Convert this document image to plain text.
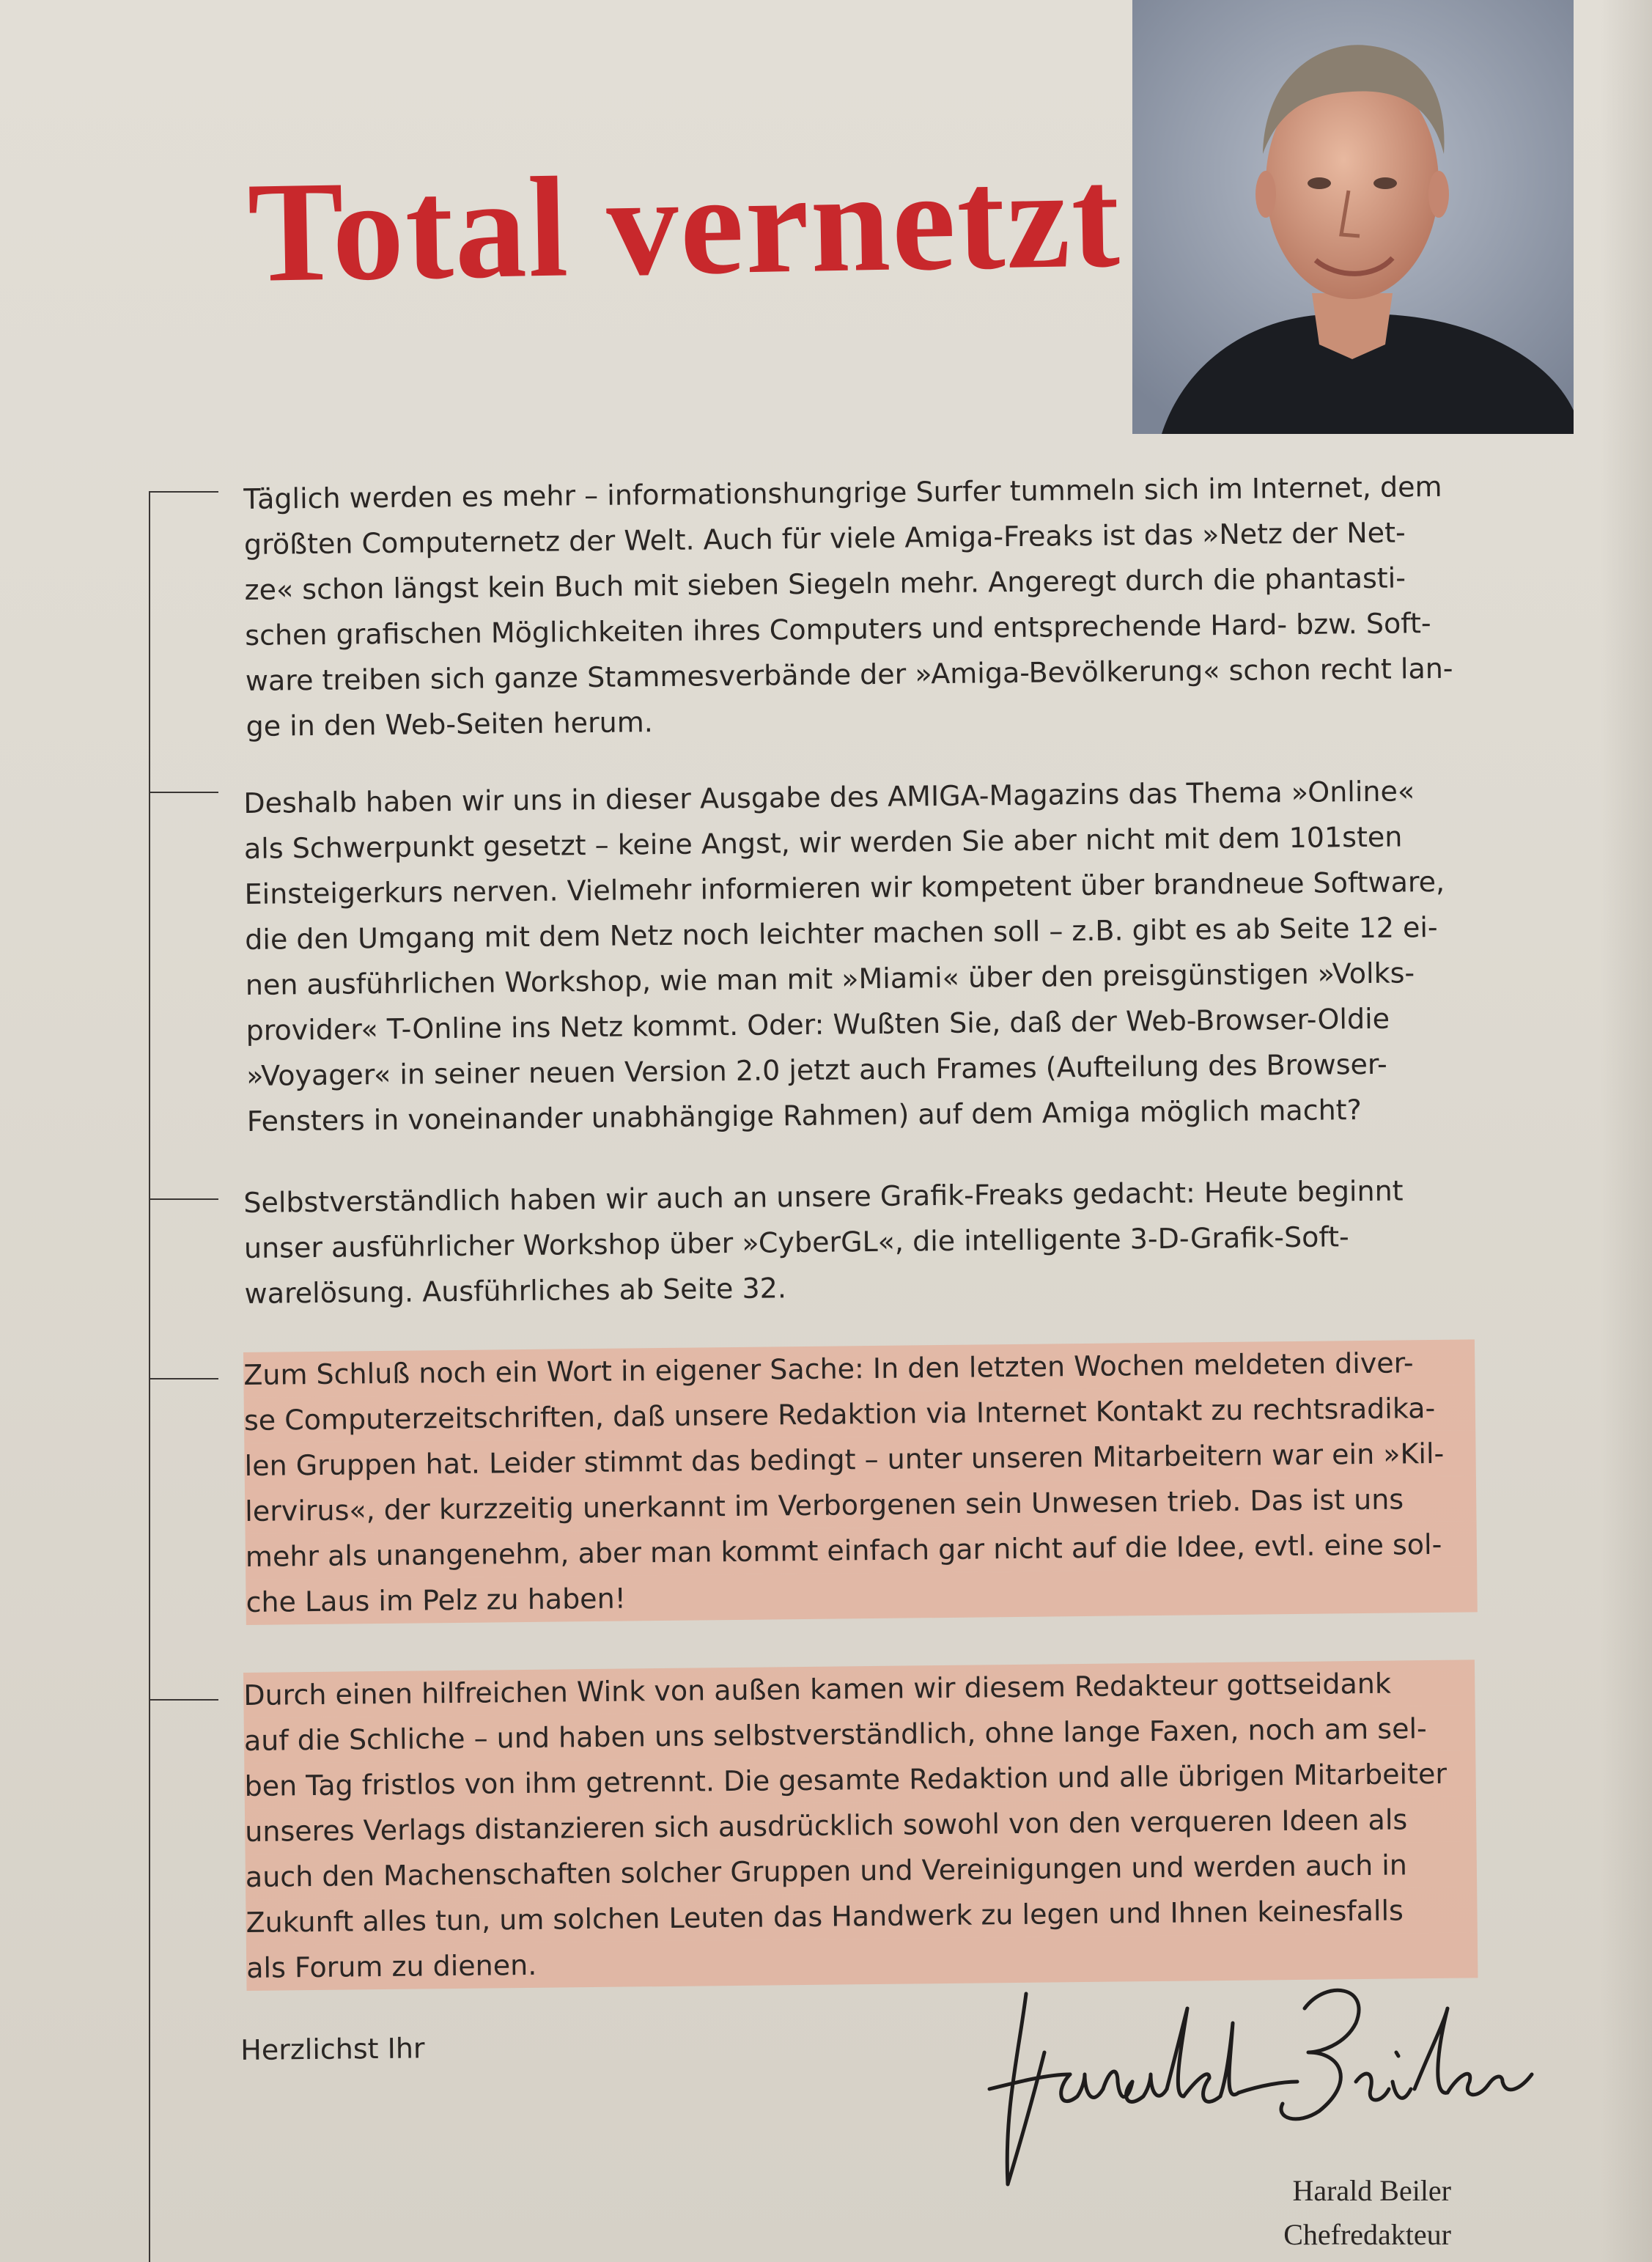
Total vernetzt
Täglich werden es mehr – informationshungrige Surfer tummeln sich im Internet, dem
größten Computernetz der Welt. Auch für viele Amiga-Freaks ist das »Netz der Net-
ze« schon längst kein Buch mit sieben Siegeln mehr. Angeregt durch die phantasti-
schen grafischen Möglichkeiten ihres Computers und entsprechende Hard- bzw. Soft-
ware treiben sich ganze Stammesverbände der »Amiga-Bevölkerung« schon recht lan-
ge in den Web-Seiten herum.
Deshalb haben wir uns in dieser Ausgabe des AMIGA-Magazins das Thema »Online«
als Schwerpunkt gesetzt – keine Angst, wir werden Sie aber nicht mit dem 101sten
Einsteigerkurs nerven. Vielmehr informieren wir kompetent über brandneue Software,
die den Umgang mit dem Netz noch leichter machen soll – z.B. gibt es ab Seite 12 ei-
nen ausführlichen Workshop, wie man mit »Miami« über den preisgünstigen »Volks-
provider« T-Online ins Netz kommt. Oder: Wußten Sie, daß der Web-Browser-Oldie
»Voyager« in seiner neuen Version 2.0 jetzt auch Frames (Aufteilung des Browser-
Fensters in voneinander unabhängige Rahmen) auf dem Amiga möglich macht?
Selbstverständlich haben wir auch an unsere Grafik-Freaks gedacht: Heute beginnt
unser ausführlicher Workshop über »CyberGL«, die intelligente 3-D-Grafik-Soft-
warelösung. Ausführliches ab Seite 32.
Zum Schluß noch ein Wort in eigener Sache: In den letzten Wochen meldeten diver-
se Computerzeitschriften, daß unsere Redaktion via Internet Kontakt zu rechtsradika-
len Gruppen hat. Leider stimmt das bedingt – unter unseren Mitarbeitern war ein »Kil-
lervirus«, der kurzzeitig unerkannt im Verborgenen sein Unwesen trieb. Das ist uns
mehr als unangenehm, aber man kommt einfach gar nicht auf die Idee, evtl. eine sol-
che Laus im Pelz zu haben!
Durch einen hilfreichen Wink von außen kamen wir diesem Redakteur gottseidank
auf die Schliche – und haben uns selbstverständlich, ohne lange Faxen, noch am sel-
ben Tag fristlos von ihm getrennt. Die gesamte Redaktion und alle übrigen Mitarbeiter
unseres Verlags distanzieren sich ausdrücklich sowohl von den verqueren Ideen als
auch den Machenschaften solcher Gruppen und Vereinigungen und werden auch in
Zukunft alles tun, um solchen Leuten das Handwerk zu legen und Ihnen keinesfalls
als Forum zu dienen.

Herzlichst Ihr

Harald Beiler

Chefredakteur
